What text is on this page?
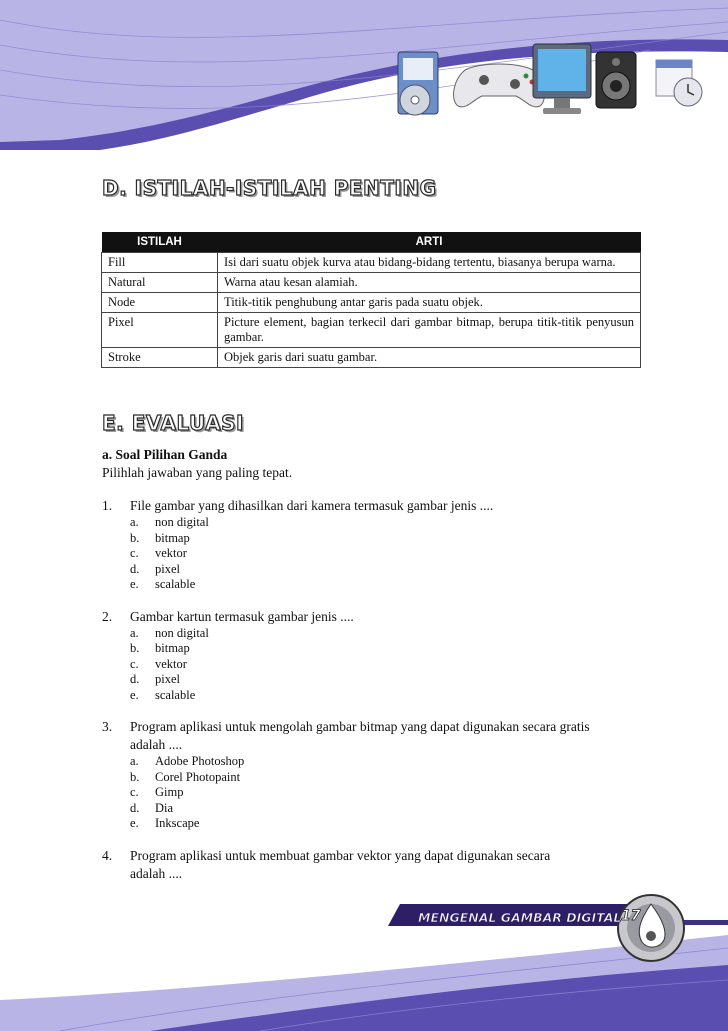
D. ISTILAH-ISTILAH PENTING
ISTILAH	ARTI
Fill	Isi dari suatu objek kurva atau bidang-bidang tertentu, biasanya berupa warna.
Natural	Warna atau kesan alamiah.
Node	Titik-titik penghubung antar garis pada suatu objek.
Pixel	Picture element, bagian terkecil dari gambar bitmap, berupa titik-titik penyusun gambar.
Stroke	Objek garis dari suatu gambar.
E. EVALUASI
a. Soal Pilihan Ganda
Pilihlah jawaban yang paling tepat.
1.	File gambar yang dihasilkan dari kamera termasuk gambar jenis ....
a.	non digital
b.	bitmap
c.	vektor
d.	pixel
e.	scalable
2.	Gambar kartun termasuk gambar jenis ....
a.	non digital
b.	bitmap
c.	vektor
d.	pixel
e.	scalable
3.	Program aplikasi untuk mengolah gambar bitmap yang dapat digunakan secara gratis
adalah ....
a.	Adobe Photoshop
b.	Corel Photopaint
c.	Gimp
d.	Dia
e.	Inkscape
4.	Program aplikasi untuk membuat gambar vektor yang dapat digunakan secara
adalah ....
MENGENAL GAMBAR DIGITAL 17
